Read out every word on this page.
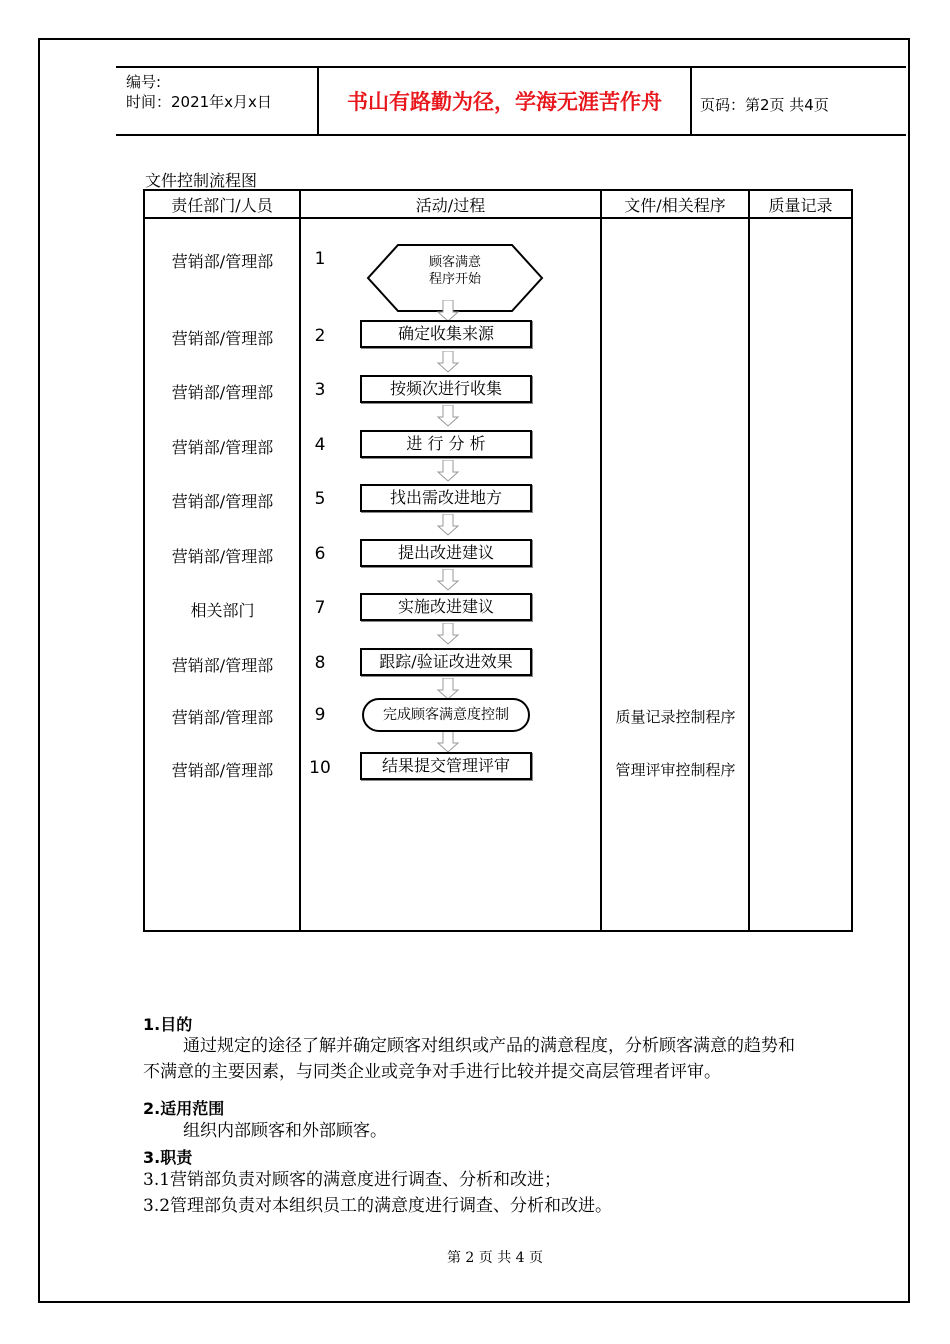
编号:
时间：2021年x月x日	书山有路勤为径，学海无涯苦作舟	页码：第2页 共4页
文件控制流程图
责任部门/人员	活动/过程	文件/相关程序	质量记录
营销部/管理部	1	顾客满意
程序开始
营销部/管理部	2	确定收集来源
营销部/管理部	3	按频次进行收集
营销部/管理部	4	进 行 分 析
营销部/管理部	5	找出需改进地方
营销部/管理部	6	提出改进建议
相关部门	7	实施改进建议
营销部/管理部	8	跟踪/验证改进效果
营销部/管理部	9	完成顾客满意度控制	质量记录控制程序
营销部/管理部	10	结果提交管理评审	管理评审控制程序
1.目的
通过规定的途径了解并确定顾客对组织或产品的满意程度，分析顾客满意的趋势和
不满意的主要因素，与同类企业或竞争对手进行比较并提交高层管理者评审。
2.适用范围
组织内部顾客和外部顾客。
3.职责
3.1营销部负责对顾客的满意度进行调查、分析和改进；
3.2管理部负责对本组织员工的满意度进行调查、分析和改进。
第 2 页 共 4 页
